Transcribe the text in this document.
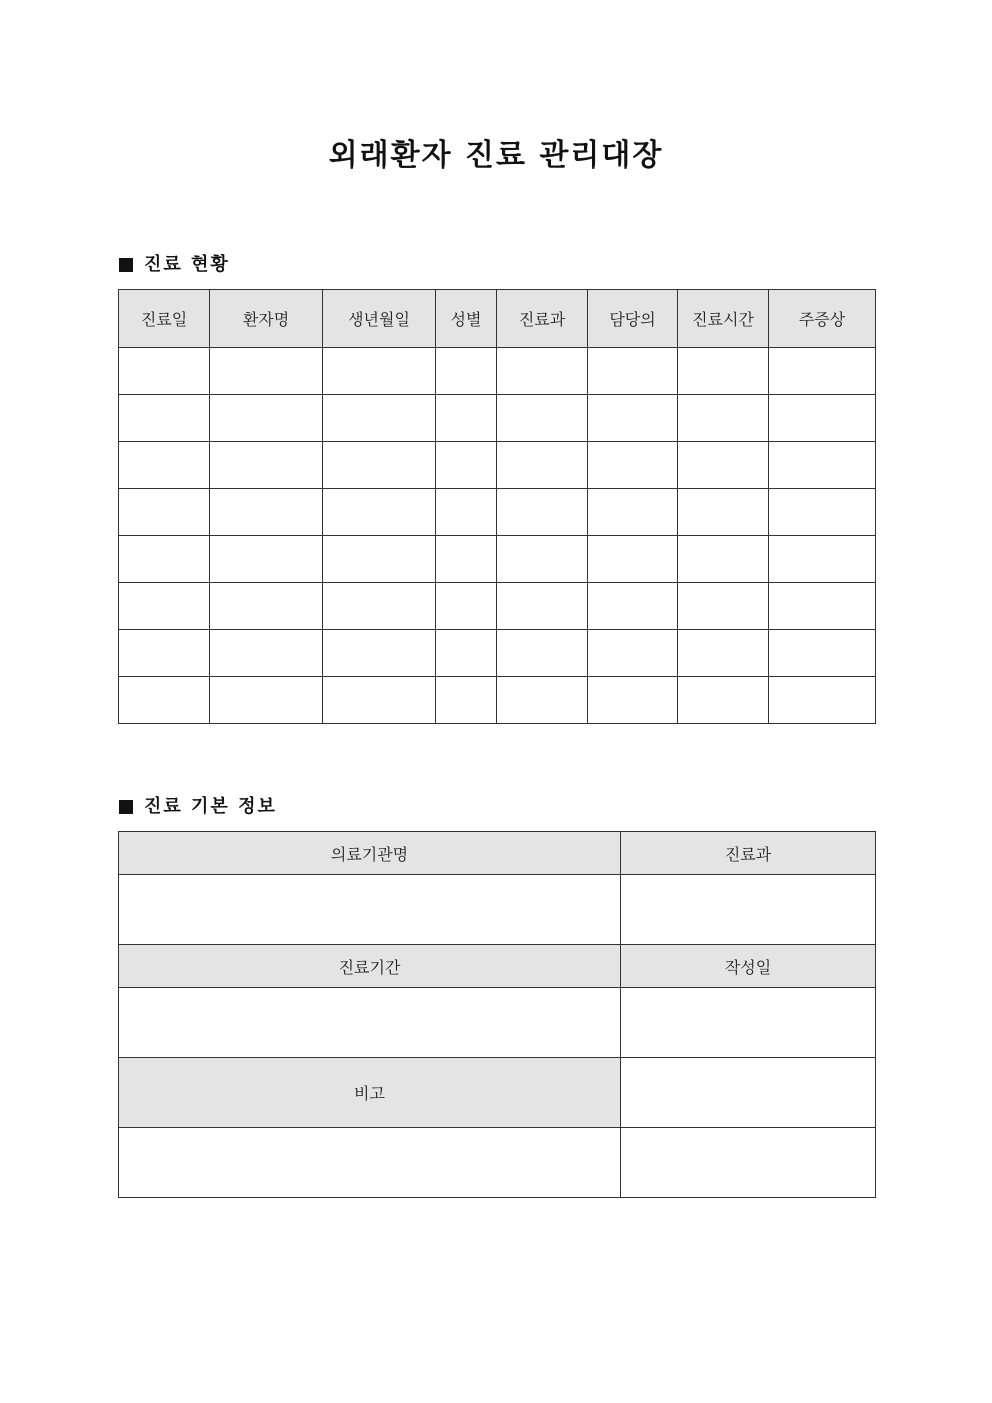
외래환자 진료 관리대장
진료 현황
진료일	환자명	생년월일	성별	진료과	담당의	진료시간	주증상

진료 기본 정보
의료기관명	진료과

진료기간	작성일

비고	
